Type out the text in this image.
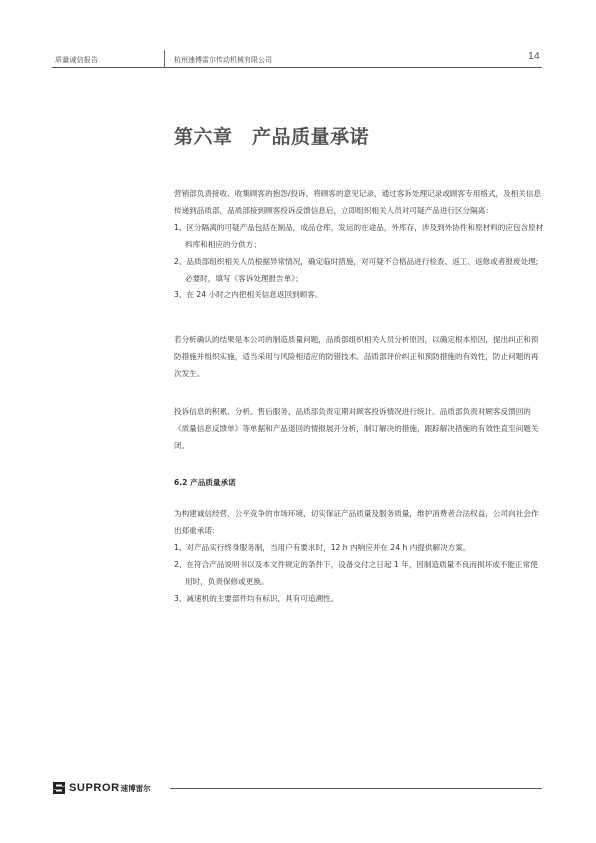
质量诚信报告	杭州速博雷尔传动机械有限公司	14
第六章　产品质量承诺

营销部负责接收、收集顾客的抱怨/投诉，将顾客的意见记录，通过客诉处理记录或顾客专用格式，及相关信息传递到品质部，品质部接到顾客投诉反馈信息后，立即组织相关人员对可疑产品进行区分隔离：

1、区分隔离的可疑产品包括在制品，成品仓库，发运的在途品，外库存，涉及到外协件和原材料的应包含原材料库和相应的分供方；

2、品质部组织相关人员根据异常情况，确定临时措施，对可疑不合格品进行检查、返工、返修或者报废处理;必要时，填写《客诉处理报告单》；

3、在 24 小时之内把相关信息返回到顾客。

若分析确认的结果是本公司的制造质量问题，品质部组织相关人员分析原因，以确定根本原因，提出纠正和预防措施并组织实施，适当采用与风险相适应的防错技术。品质部评价纠正和预防措施的有效性，防止问题的再次发生。

投诉信息的积累、分析。售后服务、品质部负责定期对顾客投诉情况进行统计。品质部负责对顾客反馈回的《质量信息反馈单》等单据和产品退回的情报展开分析，制订解决的措施，跟踪解决措施的有效性直至问题关闭。

6.2 产品质量承诺

为构建诚信经营、公平竞争的市场环境，切实保证产品质量及服务质量，维护消费者合法权益，公司向社会作出郑重承诺：

1、对产品实行终身服务制，当用户有要求时，12 h 内响应并在 24 h 内提供解决方案。

2、在符合产品说明书以及本文件规定的条件下，设备交付之日起 1 年，因制造质量不良而损坏或不能正常使用时，负责保修或更换。

3、减速机的主要部件均有标识，具有可追溯性。

SUPROR 速博雷尔
